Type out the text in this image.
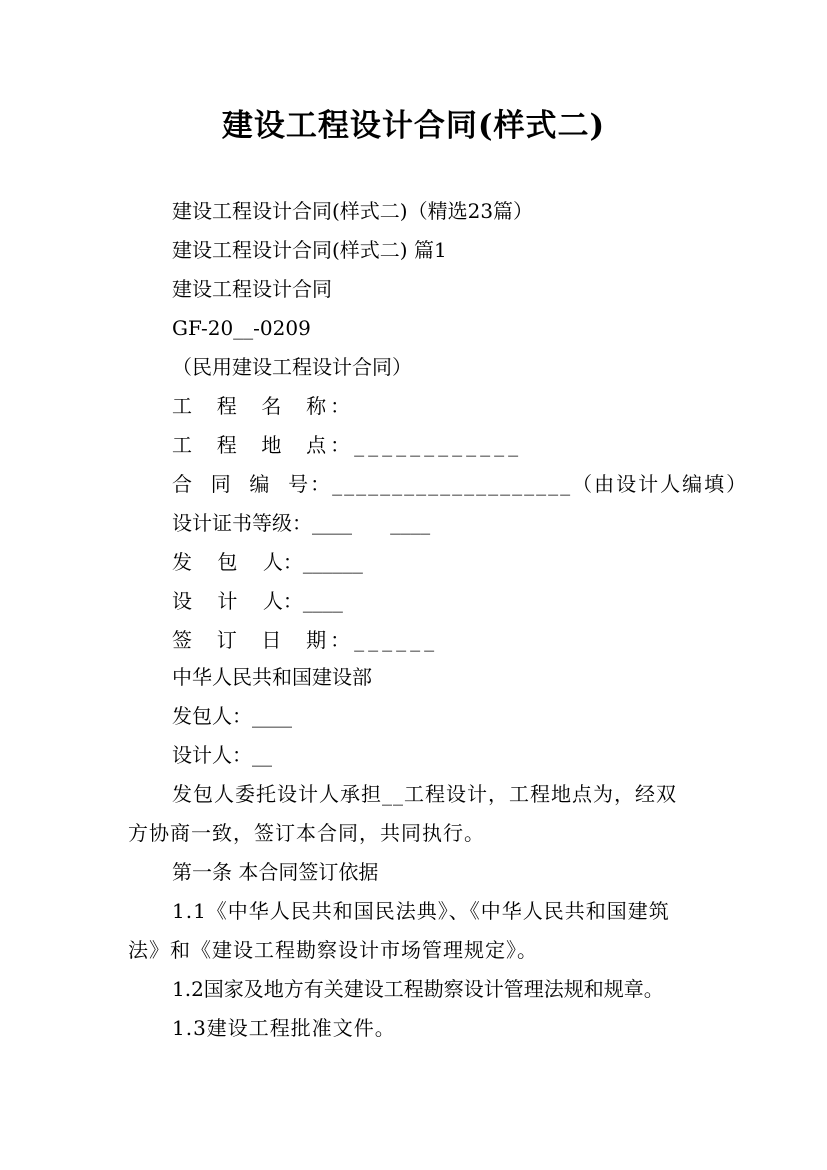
建设工程设计合同(样式二)
建设工程设计合同(样式二)（精选23篇）
建设工程设计合同(样式二) 篇1
建设工程设计合同
GF-20__-0209
（民用建设工程设计合同）
工  程  名  称：
工  程  地  点：____________
合  同  编  号：____________________（由设计人编填）
设计证书等级：____      ____
发    包    人：______
设    计    人：____
签  订  日  期：______
中华人民共和国建设部
发包人：____
设计人：__
发包人委托设计人承担__工程设计，工程地点为，经双
方协商一致，签订本合同，共同执行。
第一条 本合同签订依据
1.1《中华人民共和国民法典》、《中华人民共和国建筑
法》和《建设工程勘察设计市场管理规定》。
1.2国家及地方有关建设工程勘察设计管理法规和规章。
1.3建设工程批准文件。
